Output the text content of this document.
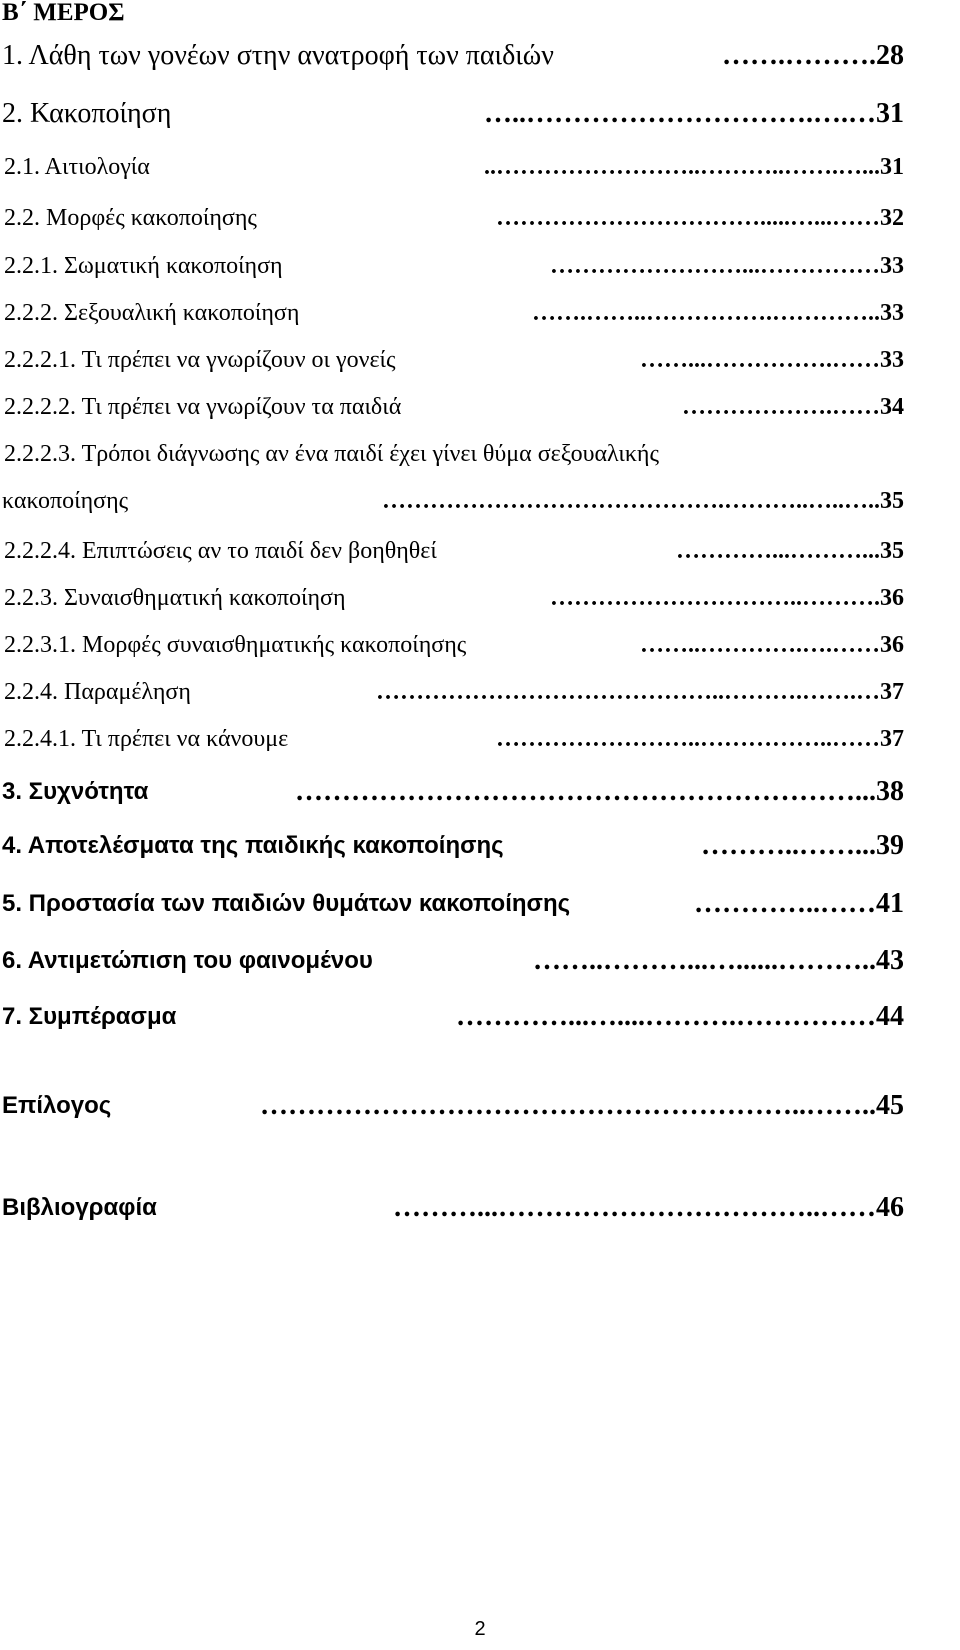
Β΄ ΜΕΡΟΣ
1. Λάθη των γονέων στην ανατροφή των παιδιών	…….……….28
2. Κακοποίηση	…..………………………….….…31
2.1. Αιτιολογία	..……………………..………..…….…...31
2.2. Μορφές κακοποίησης	…………………………….....…...……32
2.2.1. Σωματική κακοποίηση	……………………...……………33
2.2.2. Σεξουαλική κακοποίηση	…….……..…………….…………..33
2.2.2.1. Τι πρέπει να γνωρίζουν οι γονείς	……...…………….……33
2.2.2.2. Τι πρέπει να γνωρίζουν τα παιδιά	……………….……34
2.2.2.3. Τρόποι διάγνωσης αν ένα παιδί έχει γίνει θύμα σεξουαλικής
κακοποίησης	…………………………………….………..…..…..35
2.2.2.4. Επιπτώσεις αν το παιδί δεν βοηθηθεί	…………...………...35
2.2.3. Συναισθηματική κακοποίηση	…………………………..……….36
2.2.3.1. Μορφές συναισθηματικής κακοποίησης	……..………….….……36
2.2.4. Παραμέληση	……………………………………..……….…….…37
2.2.4.1. Τι πρέπει να κάνουμε	……………………..……………..……37
3. Συχνότητα	……………………………………………………...38
4. Αποτελέσματα της παιδικής κακοποίησης	………..……...39
5. Προστασία των παιδιών θυμάτων κακοποίησης	…………..……41
6. Αντιμετώπιση του φαινομένου	……..………...…......………..43
7. Συμπέρασμα	…………...…....……….……………44
Επίλογος	…………………………………………………..……..45
Βιβλιογραφία	………...……………………………..……46
2
